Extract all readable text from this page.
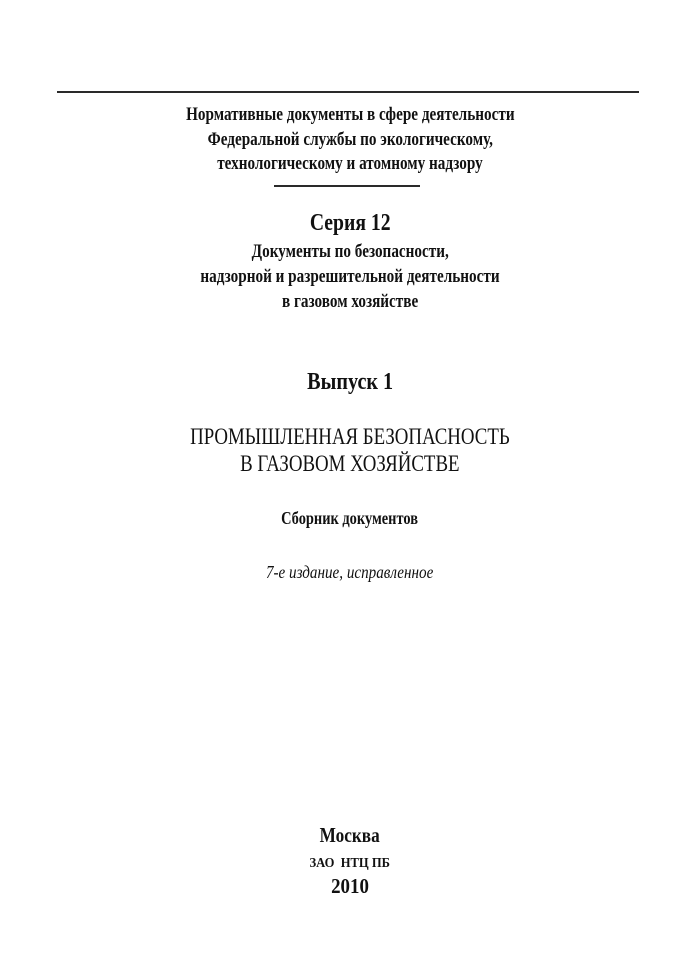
Нормативные документы в сфере деятельности
Федеральной службы по экологическому,
технологическому и атомному надзору
Серия 12
Документы по безопасности,
надзорной и разрешительной деятельности
в газовом хозяйстве
Выпуск 1
ПРОМЫШЛЕННАЯ БЕЗОПАСНОСТЬ
В ГАЗОВОМ ХОЗЯЙСТВЕ
Сборник документов
7-е издание, исправленное
Москва
ЗАО  НТЦ ПБ
2010
